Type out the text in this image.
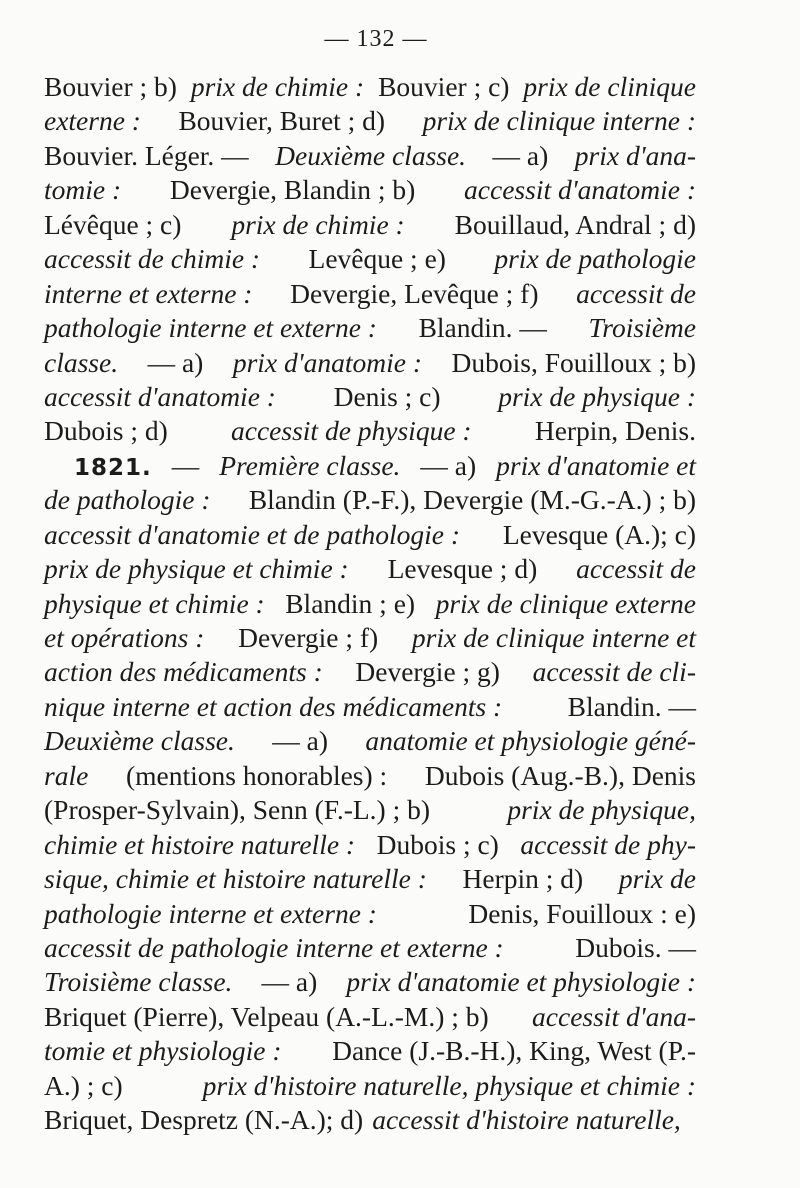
— 132 —
Bouvier ; b) prix de chimie : Bouvier ; c) prix de clinique
externe : Bouvier, Buret ; d) prix de clinique interne :
Bouvier. Léger. — Deuxième classe. — a) prix d'ana-
tomie : Devergie, Blandin ; b) accessit d'anatomie :
Lévêque ; c) prix de chimie : Bouillaud, Andral ; d)
accessit de chimie : Levêque ; e) prix de pathologie
interne et externe : Devergie, Levêque ; f) accessit de
pathologie interne et externe : Blandin. — Troisième
classe. — a) prix d'anatomie : Dubois, Fouilloux ; b)
accessit d'anatomie : Denis ; c) prix de physique :
Dubois ; d) accessit de physique : Herpin, Denis.
1821. — Première classe. — a) prix d'anatomie et
de pathologie : Blandin (P.-F.), Devergie (M.-G.-A.) ; b)
accessit d'anatomie et de pathologie : Levesque (A.); c)
prix de physique et chimie : Levesque ; d) accessit de
physique et chimie : Blandin ; e) prix de clinique externe
et opérations : Devergie ; f) prix de clinique interne et
action des médicaments : Devergie ; g) accessit de cli-
nique interne et action des médicaments : Blandin. —
Deuxième classe. — a) anatomie et physiologie géné-
rale (mentions honorables) : Dubois (Aug.-B.), Denis
(Prosper-Sylvain), Senn (F.-L.) ; b)	prix de physique,
chimie et histoire naturelle : Dubois ; c) accessit de phy-
sique, chimie et histoire naturelle : Herpin ; d) prix de
pathologie interne et externe :	Denis, Fouilloux : e)
accessit de pathologie interne et externe :	Dubois. —
Troisième classe. — a) prix d'anatomie et physiologie :
Briquet (Pierre), Velpeau (A.-L.-M.) ; b) accessit d'ana-
tomie et physiologie : Dance (J.-B.-H.), King, West (P.-
A.) ; c)	prix d'histoire naturelle, physique et chimie :
Briquet, Despretz (N.-A.); d) accessit d'histoire naturelle,
